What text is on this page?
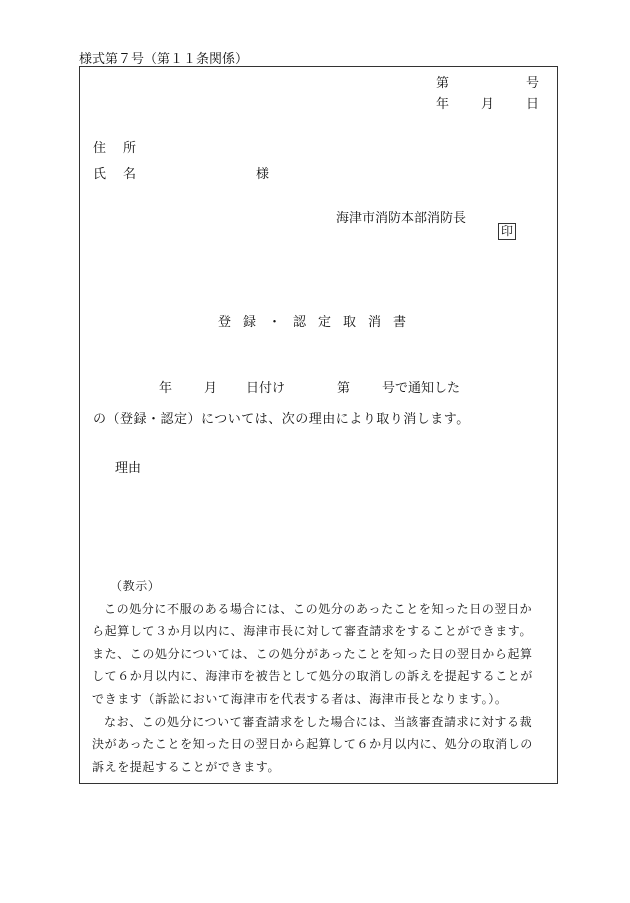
様式第７号（第１１条関係）
第	号
年 月 日
住　所
氏　名	様
海津市消防本部消防長
印
登録・認定取消書
年 月 日付け	第 号で通知した
の（登録・認定）については、次の理由により取り消します。
理由

（教示）

この処分に不服のある場合には、この処分のあったことを知った日の翌日から起算して３か月以内に、海津市長に対して審査請求をすることができます。また、この処分については、この処分があったことを知った日の翌日から起算して６か月以内に、海津市を被告として処分の取消しの訴えを提起することができます（訴訟において海津市を代表する者は、海津市長となります。）。

なお、この処分について審査請求をした場合には、当該審査請求に対する裁決があったことを知った日の翌日から起算して６か月以内に、処分の取消しの訴えを提起することができます。
